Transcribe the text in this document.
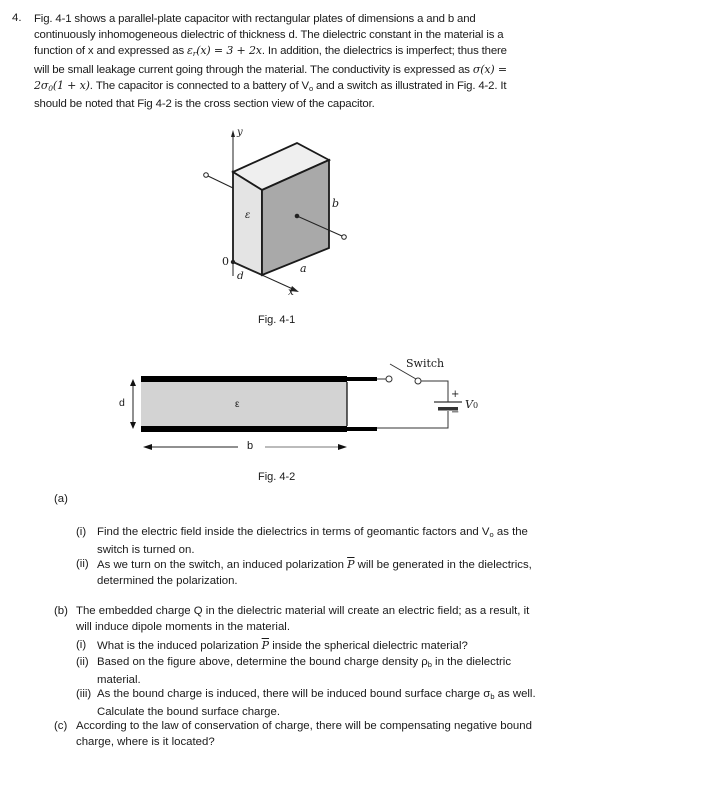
4. Fig. 4-1 shows a parallel-plate capacitor with rectangular plates of dimensions a and b and
continuously inhomogeneous dielectric of thickness d. The dielectric constant in the material is a
function of x and expressed as $\varepsilon_r(x) = 3 + 2x$. In addition, the dielectrics is imperfect; thus there
will be small leakage current going through the material. The conductivity is expressed as σ(x) =
$2\sigma_0(1 + x)$. The capacitor is connected to a battery of $V_o$ and a switch as illustrated in Fig. 4-2. It
should be noted that Fig 4-2 is the cross section view of the capacitor.
y
ε
b
a
0
d
x
Fig. 4-1
d	ε
b
Switch
+
−
V0
Fig. 4-2
(a)
(i) Find the electric field inside the dielectrics in terms of geomantic factors and $V_o$ as the
switch is turned on.
(ii) As we turn on the switch, an induced polarization $\overline{P}$ will be generated in the dielectrics,
determined the polarization.
(b) The embedded charge Q in the dielectric material will create an electric field; as a result, it
will induce dipole moments in the material.
(i) What is the induced polarization $\overline{P}$ inside the spherical dielectric material?
(ii) Based on the figure above, determine the bound charge density $\rho_b$ in the dielectric
material.
(iii) As the bound charge is induced, there will be induced bound surface charge $\sigma_b$ as well.
Calculate the bound surface charge.
(c) According to the law of conservation of charge, there will be compensating negative bound
charge, where is it located?
